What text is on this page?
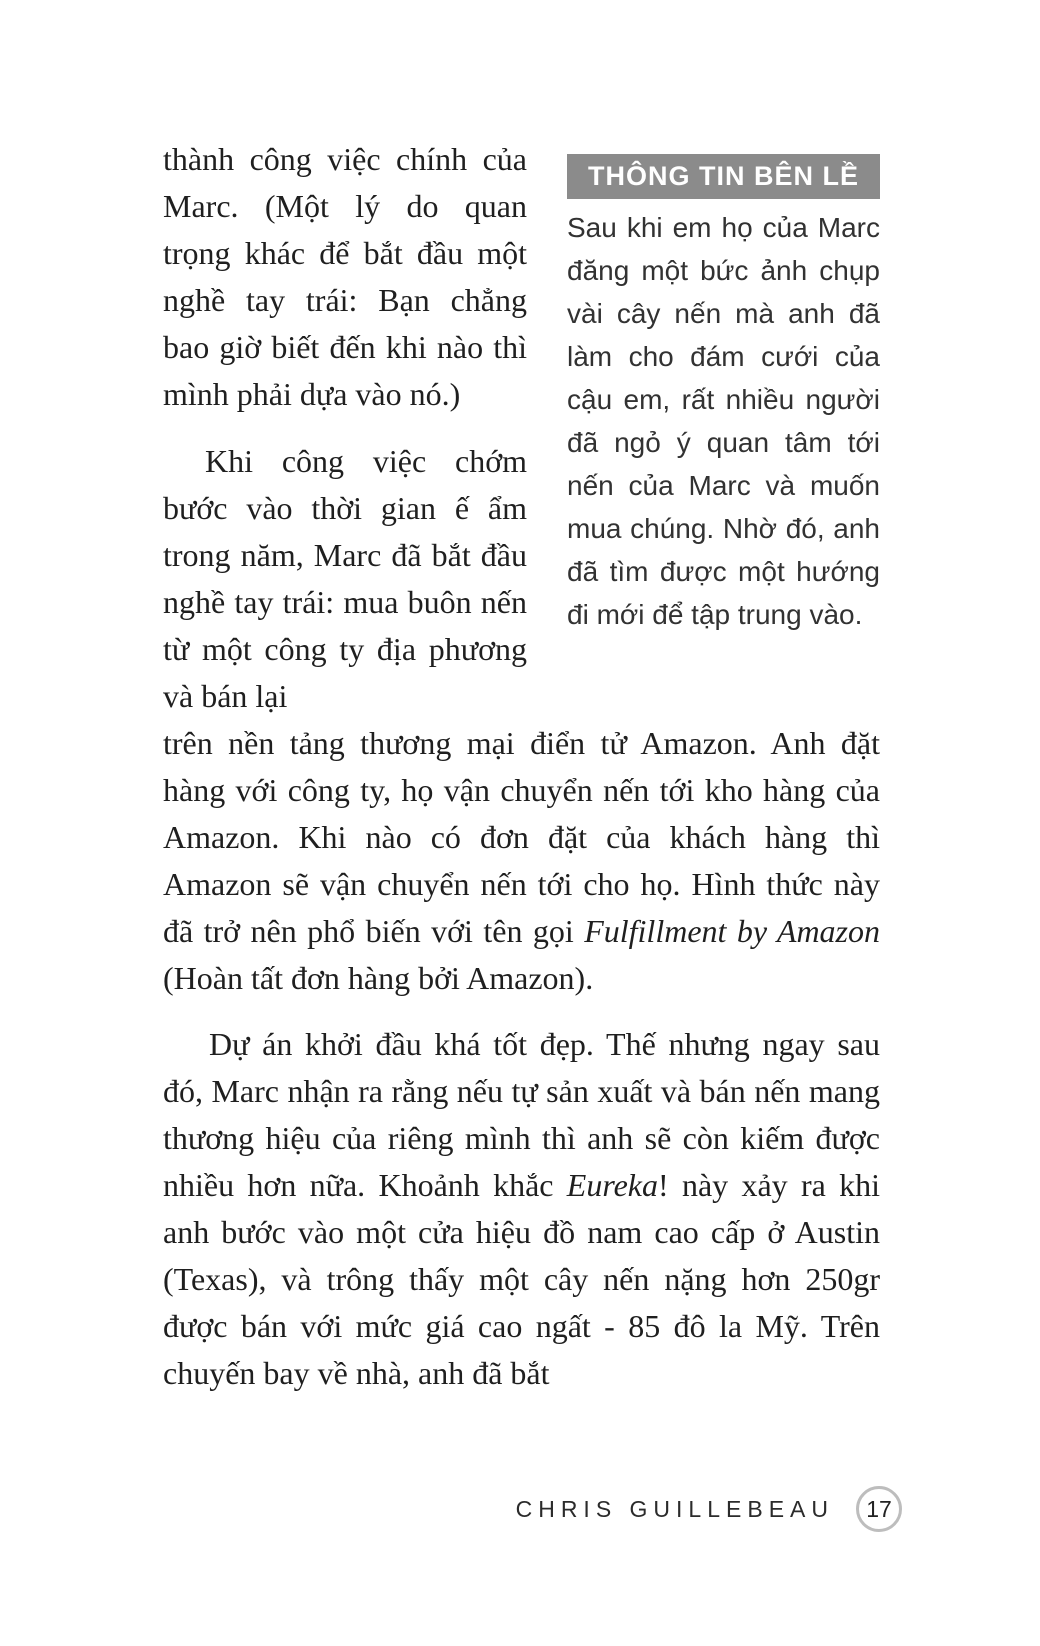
thành công việc chính của Marc. (Một lý do quan trọng khác để bắt đầu một nghề tay trái: Bạn chẳng bao giờ biết đến khi nào thì mình phải dựa vào nó.)

Khi công việc chớm bước vào thời gian ế ẩm trong năm, Marc đã bắt đầu nghề tay trái: mua buôn nến từ một công ty địa phương và bán lại

THÔNG TIN BÊN LỀ
Sau khi em họ của Marc đăng một bức ảnh chụp vài cây nến mà anh đã làm cho đám cưới của cậu em, rất nhiều người đã ngỏ ý quan tâm tới nến của Marc và muốn mua chúng. Nhờ đó, anh đã tìm được một hướng đi mới để tập trung vào.

trên nền tảng thương mại điển tử Amazon. Anh đặt hàng với công ty, họ vận chuyển nến tới kho hàng của Amazon. Khi nào có đơn đặt của khách hàng thì Amazon sẽ vận chuyển nến tới cho họ. Hình thức này đã trở nên phổ biến với tên gọi Fulfillment by Amazon (Hoàn tất đơn hàng bởi Amazon).

Dự án khởi đầu khá tốt đẹp. Thế nhưng ngay sau đó, Marc nhận ra rằng nếu tự sản xuất và bán nến mang thương hiệu của riêng mình thì anh sẽ còn kiếm được nhiều hơn nữa. Khoảnh khắc Eureka! này xảy ra khi anh bước vào một cửa hiệu đồ nam cao cấp ở Austin (Texas), và trông thấy một cây nến nặng hơn 250gr được bán với mức giá cao ngất - 85 đô la Mỹ. Trên chuyến bay về nhà, anh đã bắt

CHRIS GUILLEBEAU 17
